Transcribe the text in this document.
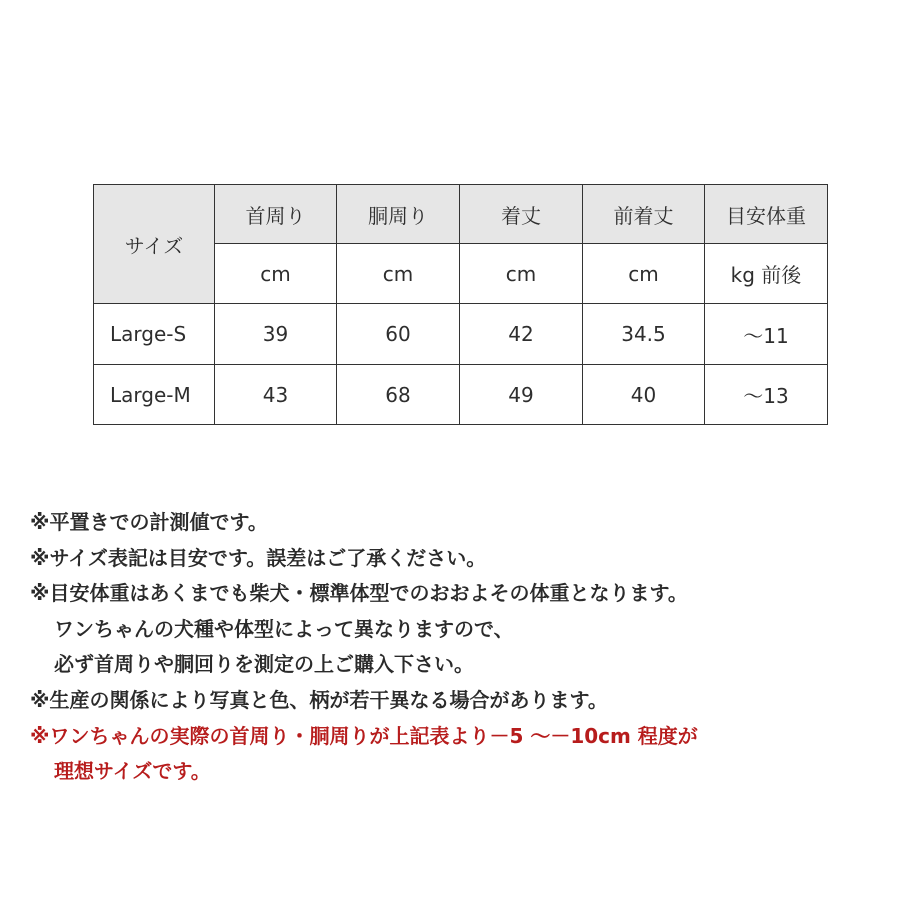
サイズ	首周り	胴周り	着丈	前着丈	目安体重
	cm	cm	cm	cm	kg 前後
Large-S	39	60	42	34.5	～11
Large-M	43	68	49	40	～13
※平置きでの計測値です。
※サイズ表記は目安です。誤差はご了承ください。
※目安体重はあくまでも柴犬・標準体型でのおおよその体重となります。
ワンちゃんの犬種や体型によって異なりますので、
必ず首周りや胴回りを測定の上ご購入下さい。
※生産の関係により写真と色、柄が若干異なる場合があります。
※ワンちゃんの実際の首周り・胴周りが上記表より－5 ～－10cm 程度が
理想サイズです。
